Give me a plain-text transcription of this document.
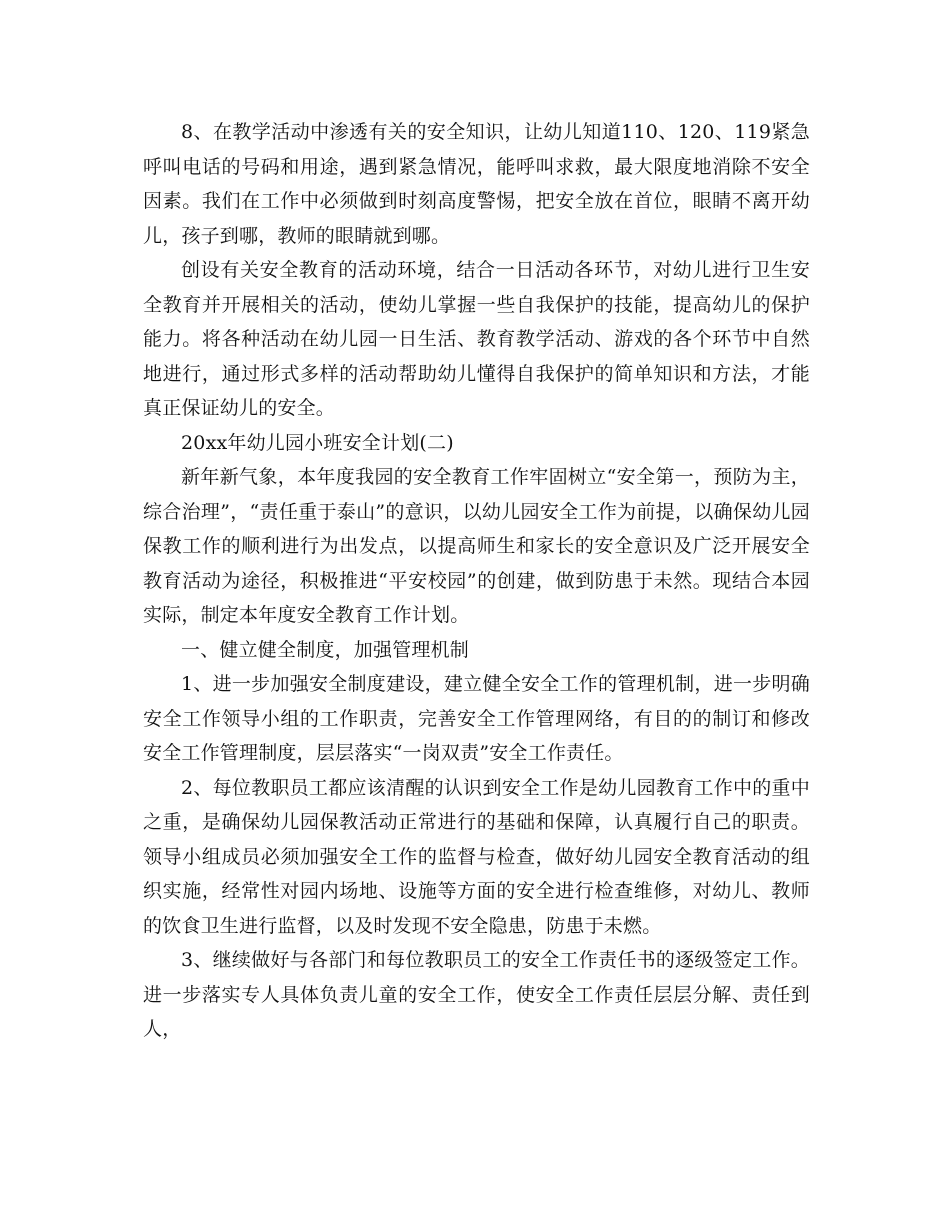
8、在教学活动中渗透有关的安全知识，让幼儿知道110、120、119紧急呼叫电话的号码和用途，遇到紧急情况，能呼叫求救，最大限度地消除不安全因素。我们在工作中必须做到时刻高度警惕，把安全放在首位，眼睛不离开幼儿，孩子到哪，教师的眼睛就到哪。

创设有关安全教育的活动环境，结合一日活动各环节，对幼儿进行卫生安全教育并开展相关的活动，使幼儿掌握一些自我保护的技能，提高幼儿的保护能力。将各种活动在幼儿园一日生活、教育教学活动、游戏的各个环节中自然地进行，通过形式多样的活动帮助幼儿懂得自我保护的简单知识和方法，才能真正保证幼儿的安全。

20xx年幼儿园小班安全计划(二)

新年新气象，本年度我园的安全教育工作牢固树立“安全第一，预防为主，综合治理”，“责任重于泰山”的意识，以幼儿园安全工作为前提，以确保幼儿园保教工作的顺利进行为出发点，以提高师生和家长的安全意识及广泛开展安全教育活动为途径，积极推进“平安校园”的创建，做到防患于未然。现结合本园实际，制定本年度安全教育工作计划。

一、健立健全制度，加强管理机制

1、进一步加强安全制度建设，建立健全安全工作的管理机制，进一步明确安全工作领导小组的工作职责，完善安全工作管理网络，有目的的制订和修改安全工作管理制度，层层落实“一岗双责”安全工作责任。

2、每位教职员工都应该清醒的认识到安全工作是幼儿园教育工作中的重中之重，是确保幼儿园保教活动正常进行的基础和保障，认真履行自己的职责。领导小组成员必须加强安全工作的监督与检查，做好幼儿园安全教育活动的组织实施，经常性对园内场地、设施等方面的安全进行检查维修，对幼儿、教师的饮食卫生进行监督，以及时发现不安全隐患，防患于未燃。

3、继续做好与各部门和每位教职员工的安全工作责任书的逐级签定工作。进一步落实专人具体负责儿童的安全工作，使安全工作责任层层分解、责任到人，
